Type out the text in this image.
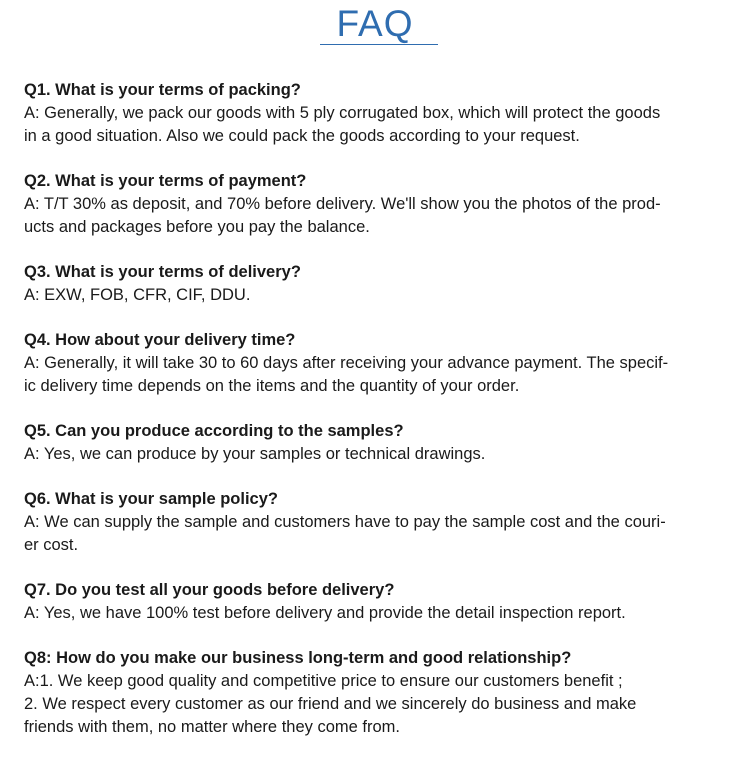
FAQ

Q1. What is your terms of packing?

A: Generally, we pack our goods with 5 ply corrugated box, which will protect the goods
in a good situation. Also we could pack the goods according to your request.

Q2. What is your terms of payment?

A: T/T 30% as deposit, and 70% before delivery. We'll show you the photos of the prod-
ucts and packages before you pay the balance.

Q3. What is your terms of delivery?

A: EXW, FOB, CFR, CIF, DDU.

Q4. How about your delivery time?

A: Generally, it will take 30 to 60 days after receiving your advance payment. The specif-
ic delivery time depends on the items and the quantity of your order.

Q5. Can you produce according to the samples?

A: Yes, we can produce by your samples or technical drawings.

Q6. What is your sample policy?

A: We can supply the sample and customers have to pay the sample cost and the couri-
er cost.

Q7. Do you test all your goods before delivery?

A: Yes, we have 100% test before delivery and provide the detail inspection report.

Q8: How do you make our business long-term and good relationship?

A:1. We keep good quality and competitive price to ensure our customers benefit ;
2. We respect every customer as our friend and we sincerely do business and make
friends with them, no matter where they come from.
